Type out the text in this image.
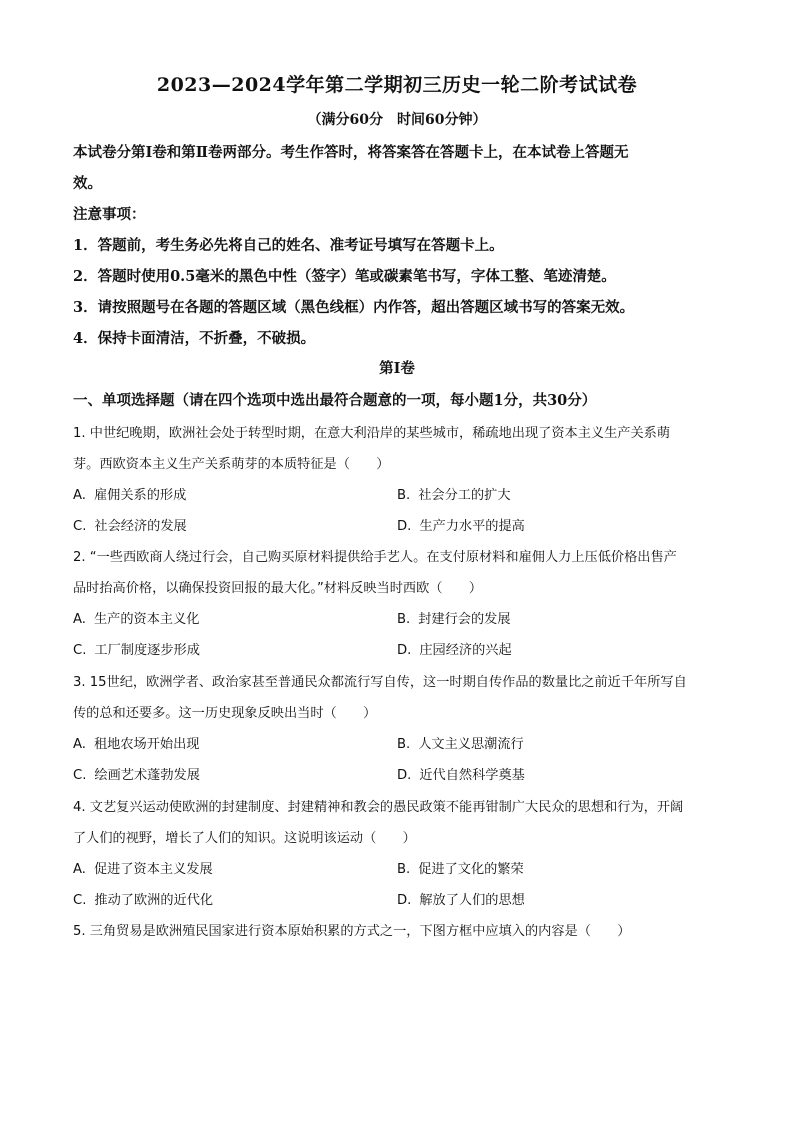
2023—2024学年第二学期初三历史一轮二阶考试试卷
（满分60分　时间60分钟）
本试卷分第Ⅰ卷和第Ⅱ卷两部分。考生作答时，将答案答在答题卡上，在本试卷上答题无
效。
注意事项：
1．答题前，考生务必先将自己的姓名、准考证号填写在答题卡上。
2．答题时使用0.5毫米的黑色中性（签字）笔或碳素笔书写，字体工整、笔迹清楚。
3．请按照题号在各题的答题区域（黑色线框）内作答，超出答题区域书写的答案无效。
4．保持卡面清洁，不折叠，不破损。
第Ⅰ卷
一、单项选择题（请在四个选项中选出最符合题意的一项，每小题1分，共30分）
1. 中世纪晚期，欧洲社会处于转型时期，在意大利沿岸的某些城市，稀疏地出现了资本主义生产关系萌
芽。西欧资本主义生产关系萌芽的本质特征是（　　）
A. 雇佣关系的形成	B. 社会分工的扩大
C. 社会经济的发展	D. 生产力水平的提高
2. “一些西欧商人绕过行会，自己购买原材料提供给手艺人。在支付原材料和雇佣人力上压低价格出售产
品时抬高价格，以确保投资回报的最大化。”材料反映当时西欧（　　）
A. 生产的资本主义化	B. 封建行会的发展
C. 工厂制度逐步形成	D. 庄园经济的兴起
3. 15世纪，欧洲学者、政治家甚至普通民众都流行写自传，这一时期自传作品的数量比之前近千年所写自
传的总和还要多。这一历史现象反映出当时（　　）
A. 租地农场开始出现	B. 人文主义思潮流行
C. 绘画艺术蓬勃发展	D. 近代自然科学奠基
4. 文艺复兴运动使欧洲的封建制度、封建精神和教会的愚民政策不能再钳制广大民众的思想和行为，开阔
了人们的视野，增长了人们的知识。这说明该运动（　　）
A. 促进了资本主义发展	B. 促进了文化的繁荣
C. 推动了欧洲的近代化	D. 解放了人们的思想
5. 三角贸易是欧洲殖民国家进行资本原始积累的方式之一，下图方框中应填入的内容是（　　）
